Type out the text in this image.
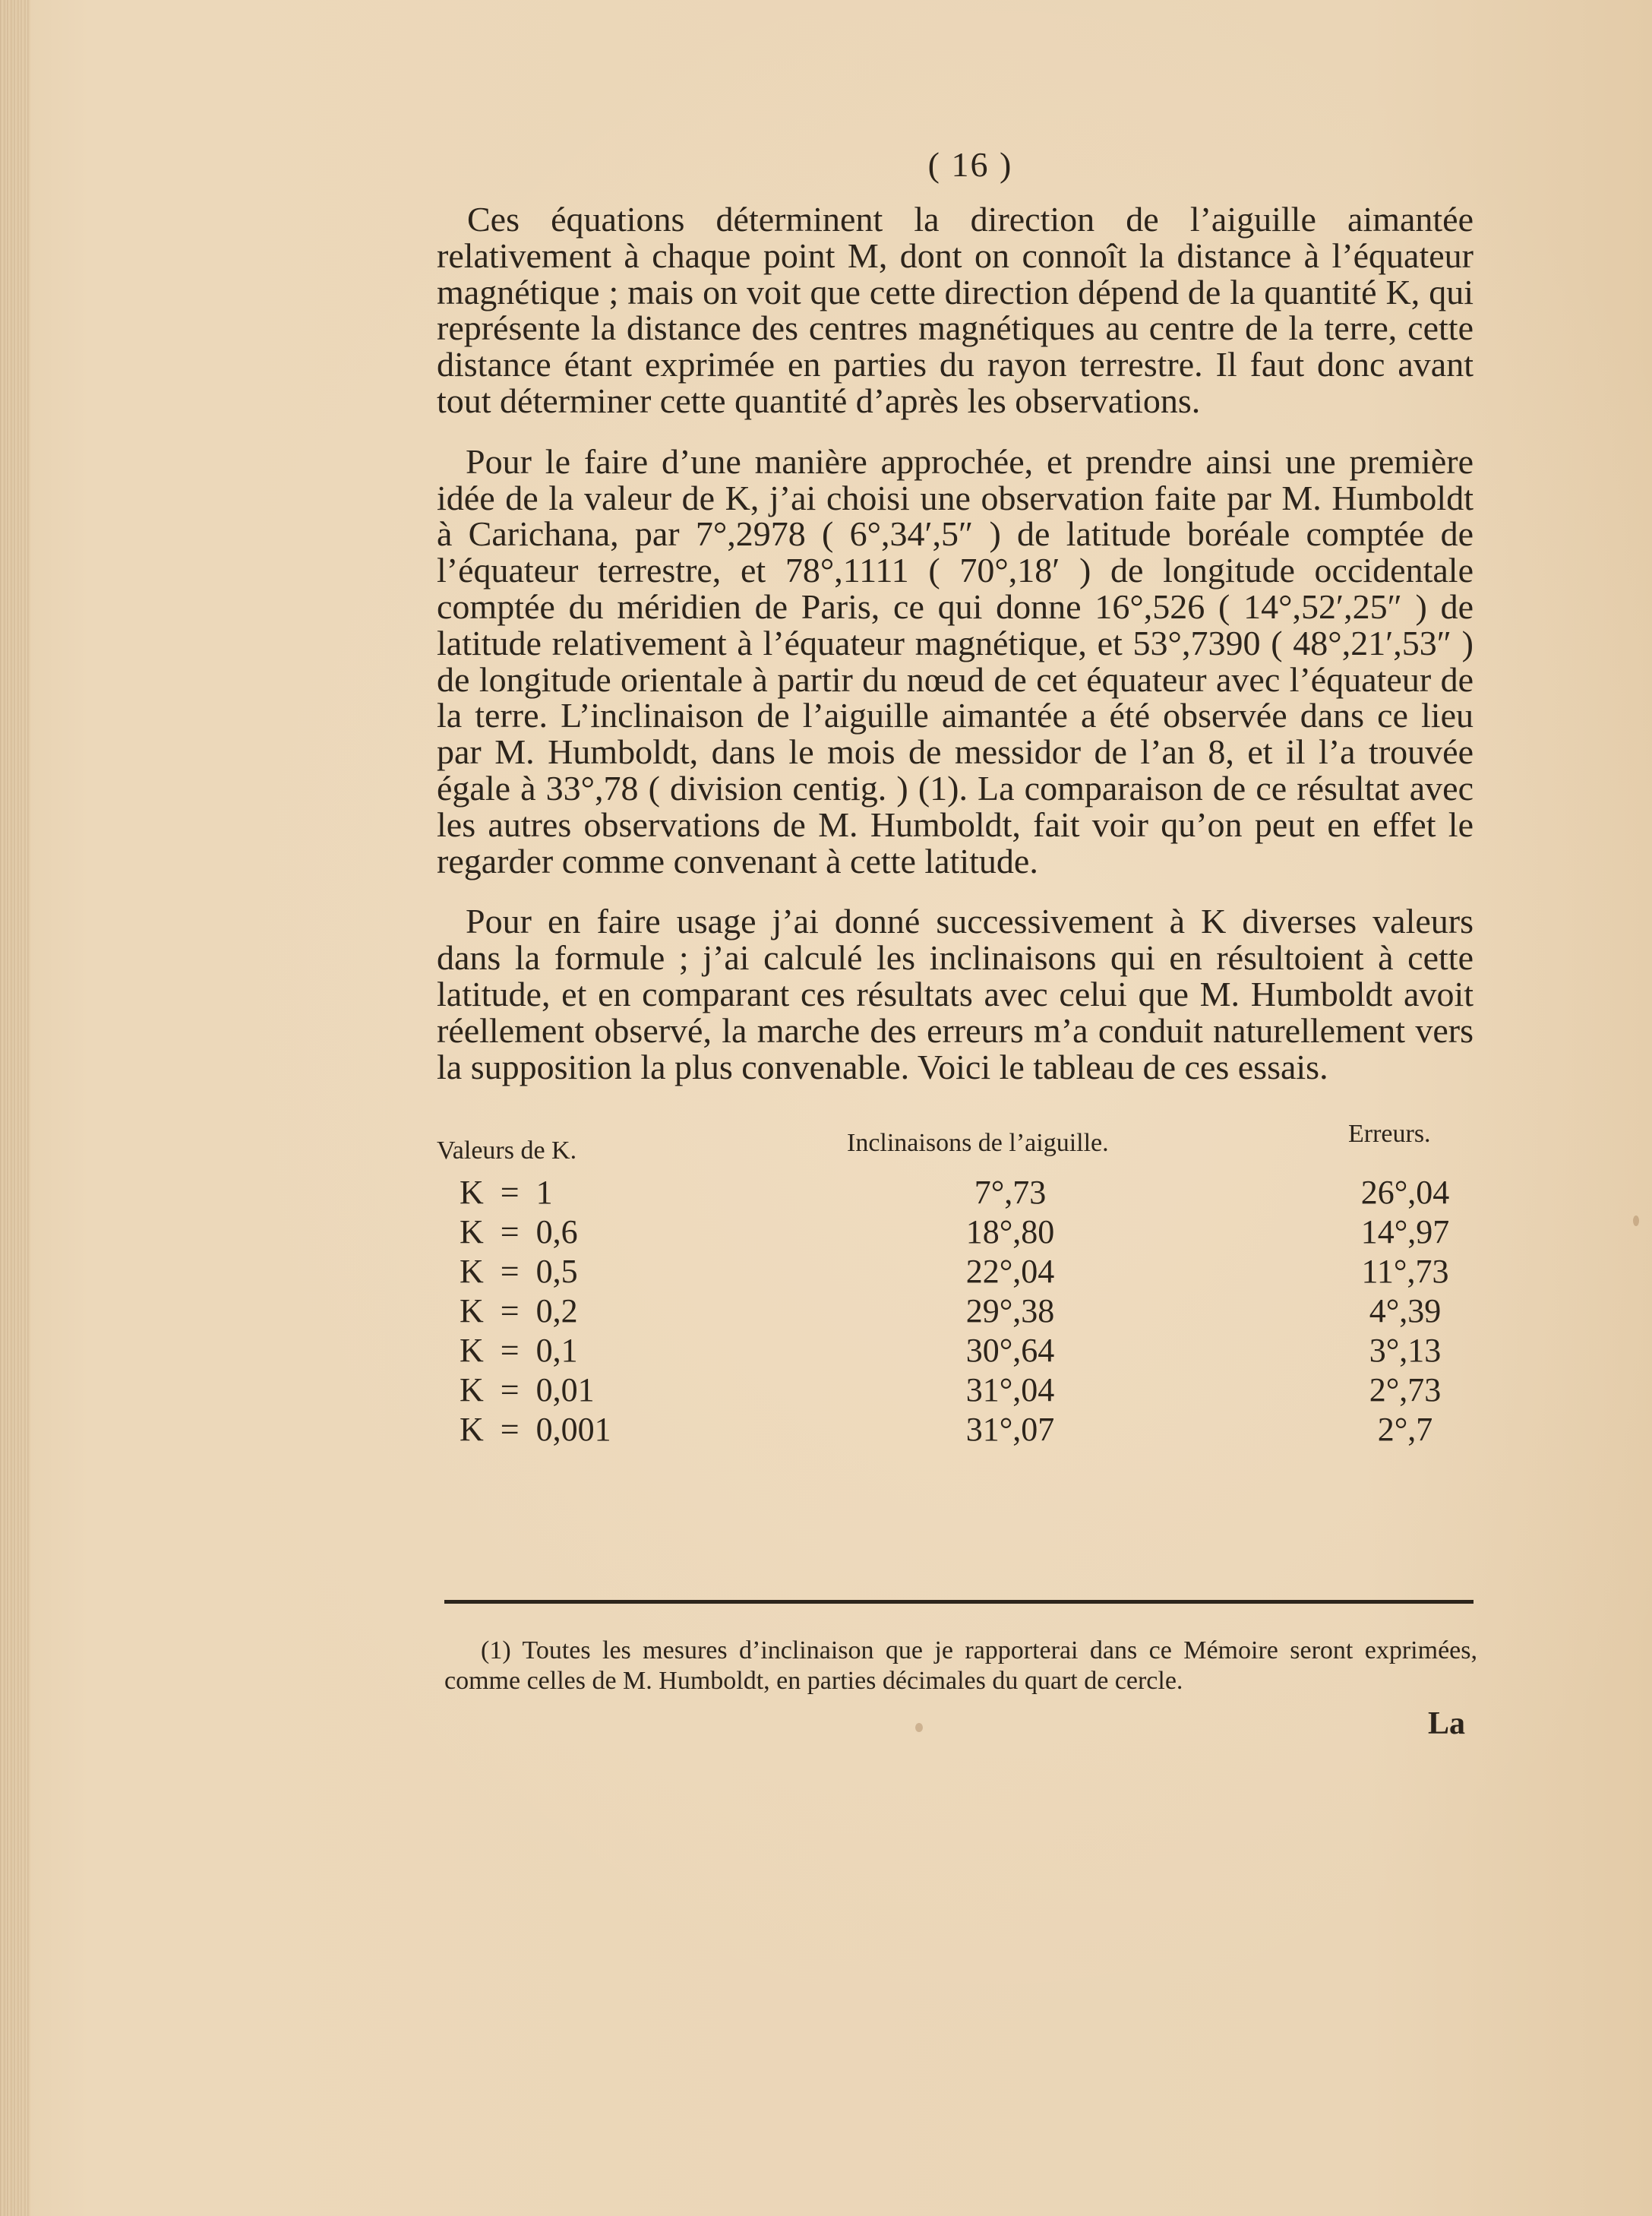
( 16 )

Ces équations déterminent la direction de l’aiguille aimantée relativement à chaque point M, dont on connoît la distance à l’équateur magnétique ; mais on voit que cette direction dépend de la quantité K, qui représente la distance des centres magnétiques au centre de la terre, cette distance étant exprimée en parties du rayon terrestre. Il faut donc avant tout déterminer cette quantité d’après les observations.

Pour le faire d’une manière approchée, et prendre ainsi une première idée de la valeur de K, j’ai choisi une observation faite par M. Humboldt à Carichana, par 7°,2978 ( 6°,34′,5″ ) de latitude boréale comptée de l’équateur terrestre, et 78°,1111 ( 70°,18′ ) de longitude occidentale comptée du méridien de Paris, ce qui donne 16°,526 ( 14°,52′,25″ ) de latitude relativement à l’équateur magnétique, et 53°,7390 ( 48°,21′,53″ ) de longitude orientale à partir du nœud de cet équateur avec l’équateur de la terre. L’inclinaison de l’aiguille aimantée a été observée dans ce lieu par M. Humboldt, dans le mois de messidor de l’an 8, et il l’a trouvée égale à 33°,78 ( division centig. ) (1). La comparaison de ce résultat avec les autres observations de M. Humboldt, fait voir qu’on peut en effet le regarder comme convenant à cette latitude.

Pour en faire usage j’ai donné successivement à K diverses valeurs dans la formule ; j’ai calculé les inclinaisons qui en résultoient à cette latitude, et en comparant ces résultats avec celui que M. Humboldt avoit réellement observé, la marche des erreurs m’a conduit naturellement vers la supposition la plus convenable. Voici le tableau de ces essais.

Valeurs de K.	Inclinaisons de l’aiguille.	Erreurs.
K  =  1	7°,73	26°,04
K  =  0,6	18°,80	14°,97
K  =  0,5	22°,04	11°,73
K  =  0,2	29°,38	4°,39
K  =  0,1	30°,64	3°,13
K  =  0,01	31°,04	2°,73
K  =  0,001	31°,07	2°,7
(1) Toutes les mesures d’inclinaison que je rapporterai dans ce Mémoire seront exprimées, comme celles de M. Humboldt, en parties décimales du quart de cercle.
La
